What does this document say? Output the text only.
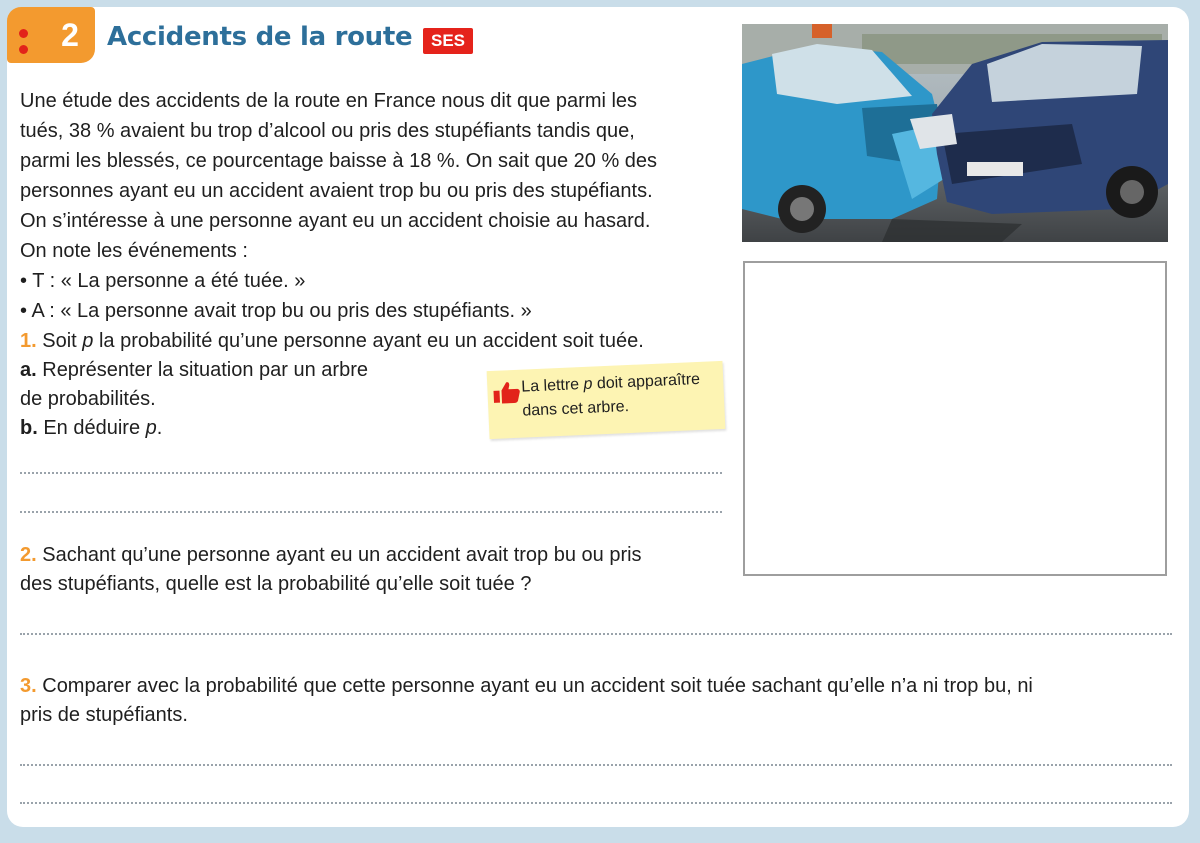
2	Accidents de la route	SES

Une étude des accidents de la route en France nous dit que parmi les

tués, 38 % avaient bu trop d’alcool ou pris des stupéfiants tandis que,

parmi les blessés, ce pourcentage baisse à 18 %. On sait que 20 % des

personnes ayant eu un accident avaient trop bu ou pris des stupéfiants.

On s’intéresse à une personne ayant eu un accident choisie au hasard.

On note les événements :

• T : « La personne a été tuée. »

• A : « La personne avait trop bu ou pris des stupéfiants. »

1. Soit p la probabilité qu’une personne ayant eu un accident soit tuée.
a. Représenter la situation par un arbre
de probabilités.
b. En déduire p.
2. Sachant qu’une personne ayant eu un accident avait trop bu ou pris
des stupéfiants, quelle est la probabilité qu’elle soit tuée ?
3. Comparer avec la probabilité que cette personne ayant eu un accident soit tuée sachant qu’elle n’a ni trop bu, ni
pris de stupéfiants.
La lettre p doit apparaître
dans cet arbre.
